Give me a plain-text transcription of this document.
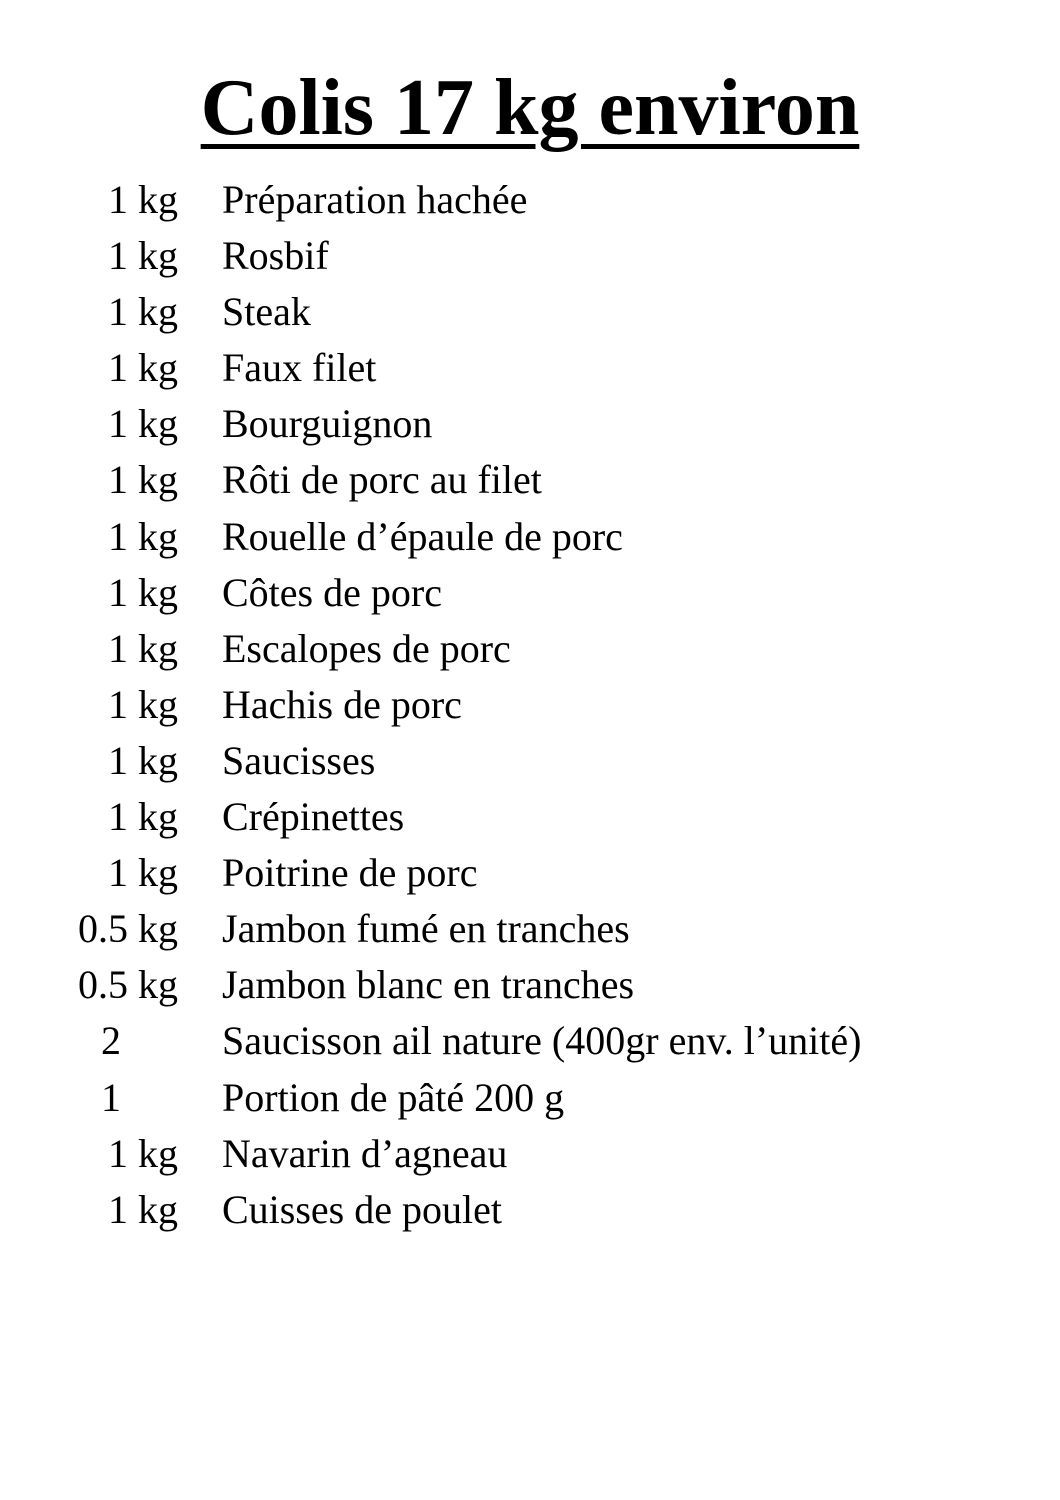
Colis 17 kg environ
1 kg Préparation hachée
1 kg Rosbif
1 kg Steak
1 kg Faux filet
1 kg Bourguignon
1 kg Rôti de porc au filet
1 kg Rouelle d’épaule de porc
1 kg Côtes de porc
1 kg Escalopes de porc
1 kg Hachis de porc
1 kg Saucisses
1 kg Crépinettes
1 kg Poitrine de porc
0.5 kg Jambon fumé en tranches
0.5 kg Jambon blanc en tranches
2	Saucisson ail nature (400gr env. l’unité)
1	Portion de pâté 200 g
1 kg Navarin d’agneau
1 kg Cuisses de poulet
